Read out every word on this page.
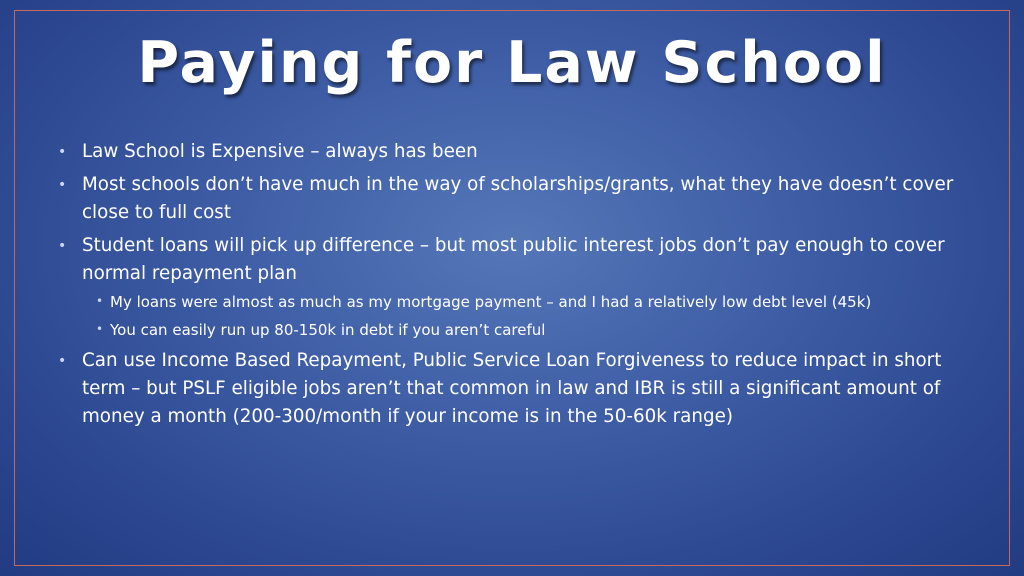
Paying for Law School
• Law School is Expensive – always has been
• Most schools don’t have much in the way of scholarships/grants, what they have doesn’t cover close to full cost
• Student loans will pick up difference – but most public interest jobs don’t pay enough to cover normal repayment plan
• My loans were almost as much as my mortgage payment – and I had a relatively low debt level (45k)
• You can easily run up 80-150k in debt if you aren’t careful
• Can use Income Based Repayment, Public Service Loan Forgiveness to reduce impact in short term – but PSLF eligible jobs aren’t that common in law and IBR is still a significant amount of money a month (200-300/month if your income is in the 50-60k range)
